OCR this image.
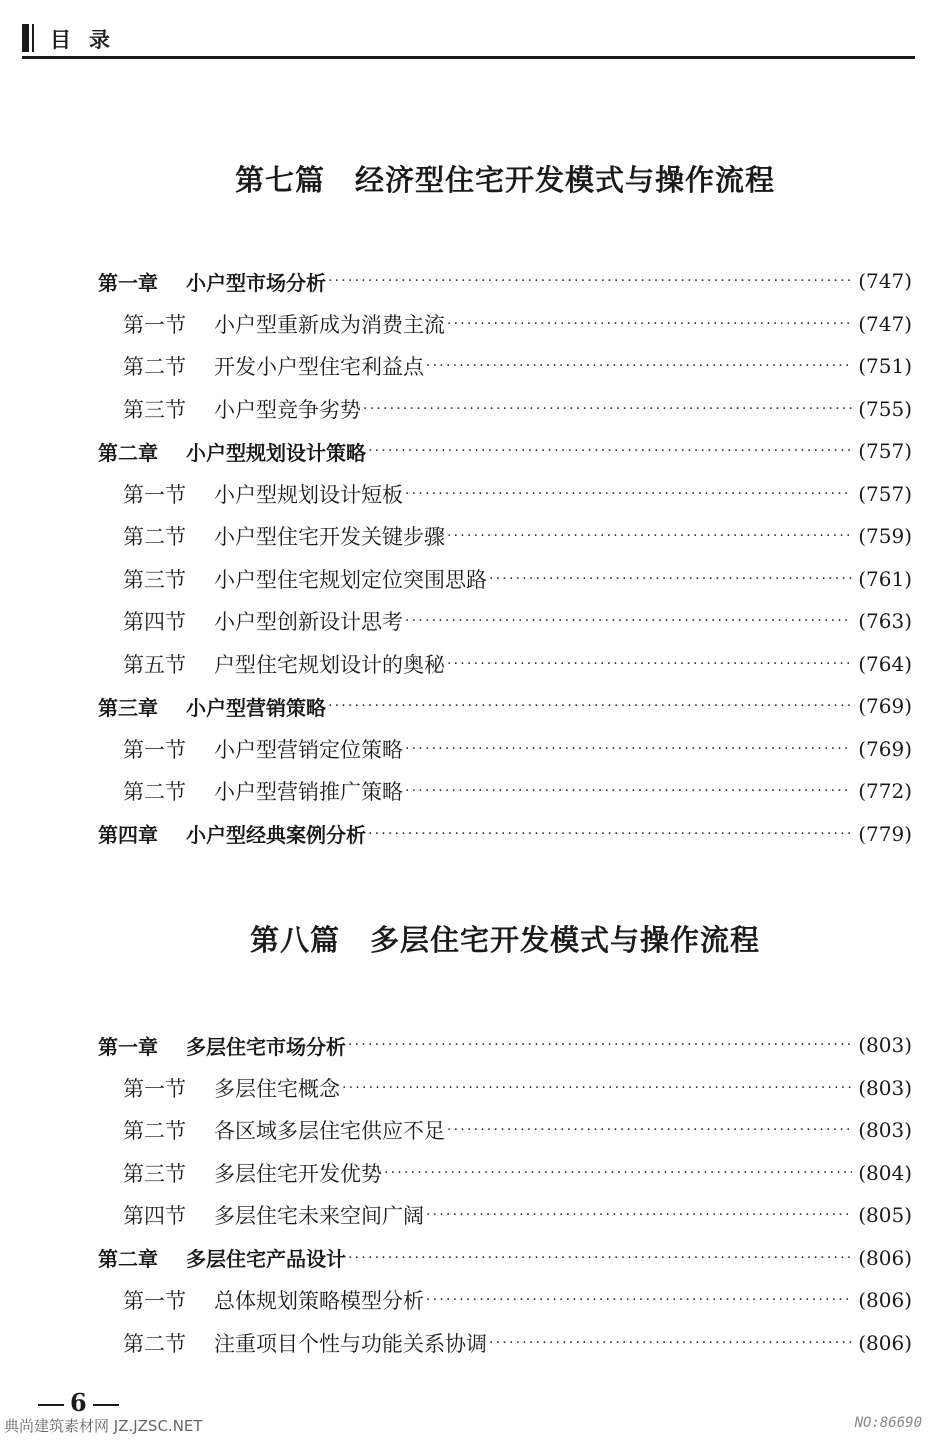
目录
第七篇 经济型住宅开发模式与操作流程
第一章 小户型市场分析 ·····	(747)
第一节 小户型重新成为消费主流 ·····	(747)
第二节 开发小户型住宅利益点 ·····	(751)
第三节 小户型竞争劣势 ·····	(755)
第二章 小户型规划设计策略 ·····	(757)
第一节 小户型规划设计短板 ·····	(757)
第二节 小户型住宅开发关键步骤 ·····	(759)
第三节 小户型住宅规划定位突围思路 ·····	(761)
第四节 小户型创新设计思考 ·····	(763)
第五节 户型住宅规划设计的奥秘 ·····	(764)
第三章 小户型营销策略 ·····	(769)
第一节 小户型营销定位策略 ·····	(769)
第二节 小户型营销推广策略 ·····	(772)
第四章 小户型经典案例分析 ·····	(779)
第八篇 多层住宅开发模式与操作流程
第一章 多层住宅市场分析 ·····	(803)
第一节 多层住宅概念 ·····	(803)
第二节 各区域多层住宅供应不足 ·····	(803)
第三节 多层住宅开发优势 ·····	(804)
第四节 多层住宅未来空间广阔 ·····	(805)
第二章 多层住宅产品设计 ·····	(806)
第一节 总体规划策略模型分析 ·····	(806)
第二节 注重项目个性与功能关系协调 ·····	(806)
6
典尚建筑素材网 JZ.JZSC.NET	NO:86690
